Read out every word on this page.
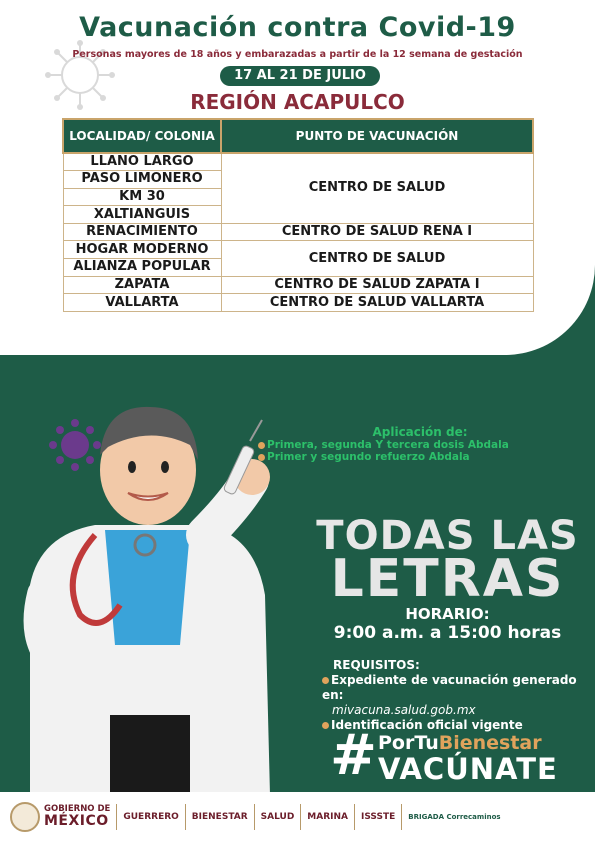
Vacunación contra Covid-19
Personas mayores de 18 años y embarazadas a partir de la 12 semana de gestación
17 AL 21 DE JULIO
REGIÓN ACAPULCO
LOCALIDAD/ COLONIA	PUNTO DE VACUNACIÓN
LLANO LARGO	CENTRO DE SALUD
PASO LIMONERO	
KM 30	
XALTIANGUIS	
RENACIMIENTO	CENTRO DE SALUD RENA I
HOGAR MODERNO	CENTRO DE SALUD
ALIANZA POPULAR	
ZAPATA	CENTRO DE SALUD ZAPATA I
VALLARTA	CENTRO DE SALUD VALLARTA
Aplicación de:
Primera, segunda Y tercera dosis Abdala
Primer y segundo refuerzo Abdala
TODAS LAS
LETRAS
HORARIO:
9:00 a.m. a 15:00 horas
REQUISITOS:
Expediente de vacunación generado en:
mivacuna.salud.gob.mx
Identificación oficial vigente
# PorTuBienestar
VACÚNATE
GOBIERNO DE
MÉXICO GUERRERO BIENESTAR SALUD MARINA ISSSTE BRIGADA Correcaminos
